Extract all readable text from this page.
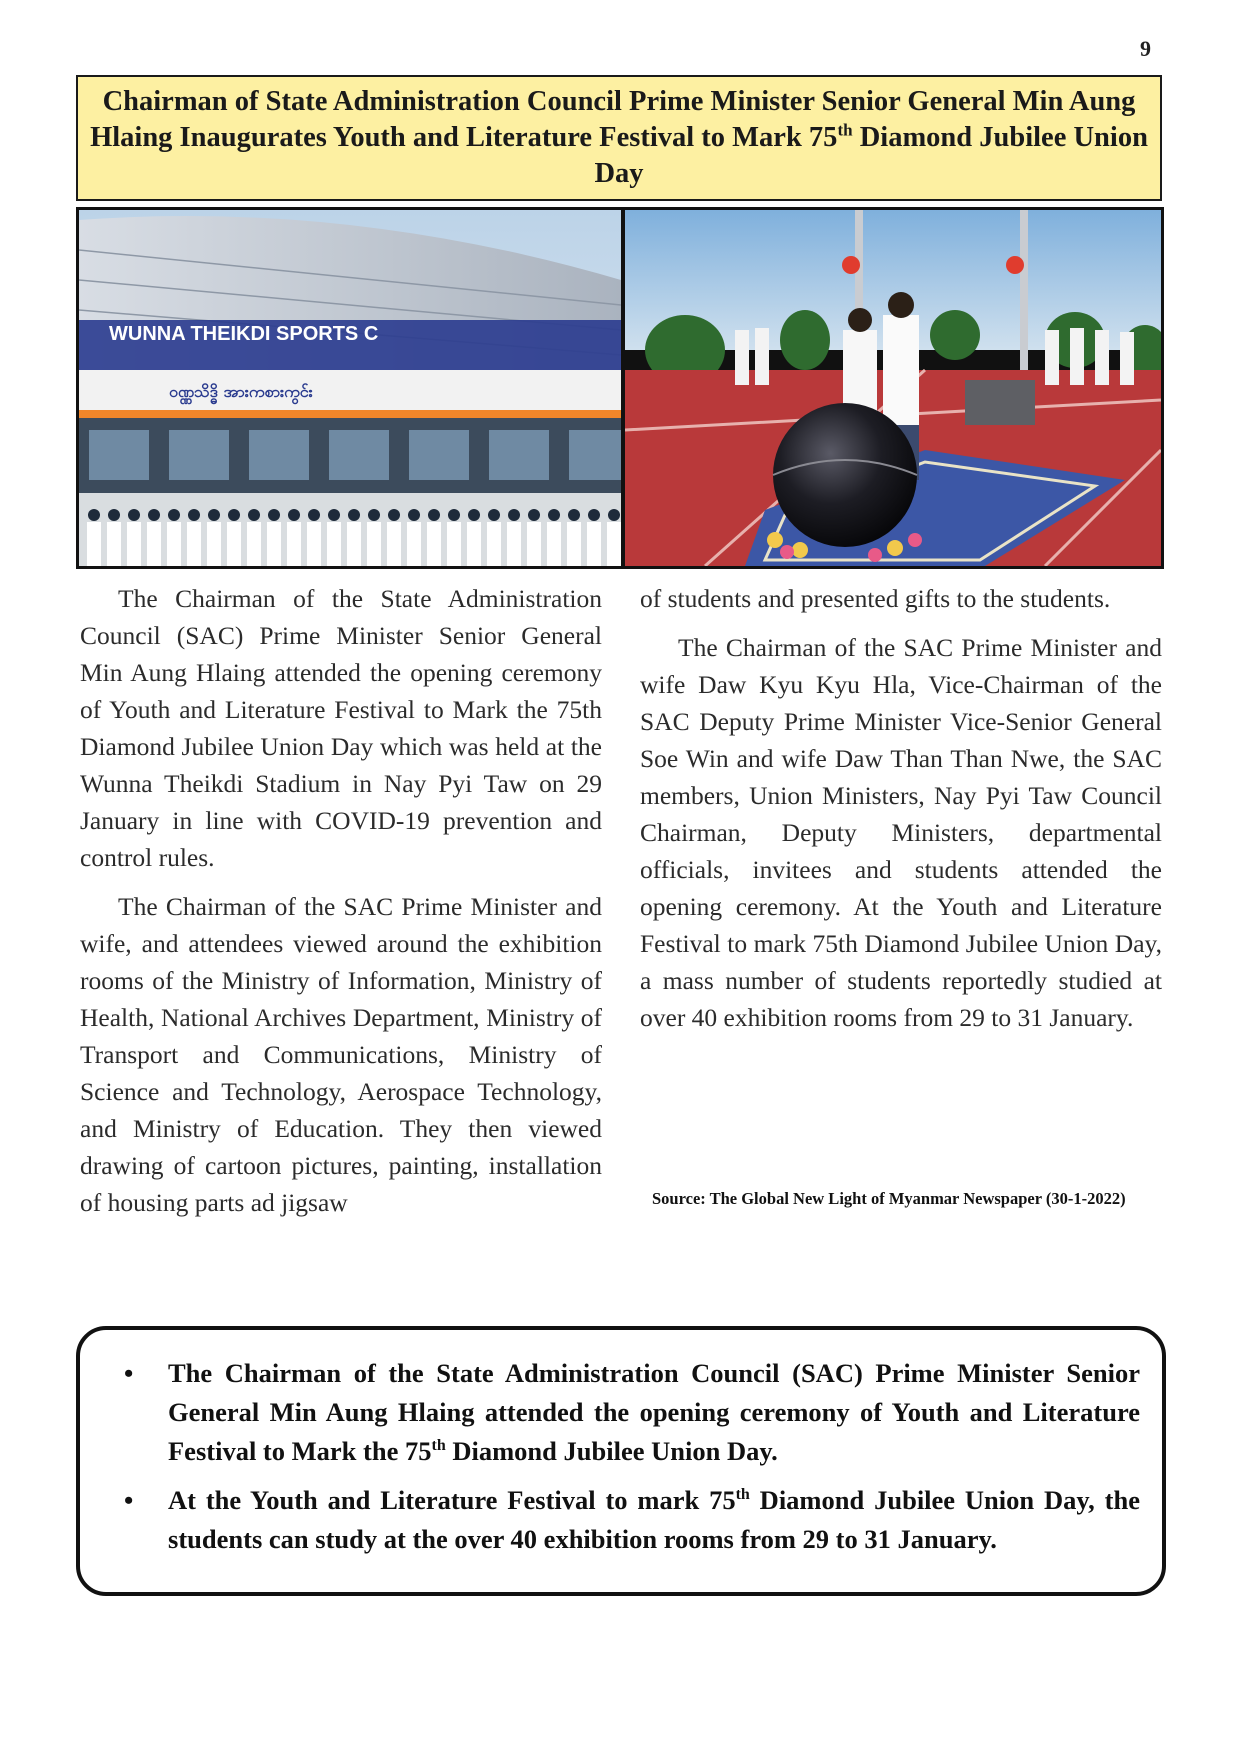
9
Chairman of State Administration Council Prime Minister Senior General Min Aung Hlaing Inaugurates Youth and Literature Festival to Mark 75th Diamond Jubilee Union Day
WUNNA THEIKDI SPORTS C
ဝဏ္ဏသိဒ္ဓိ အားကစားကွင်း

The Chairman of the State Administration Council (SAC) Prime Minister Senior General Min Aung Hlaing attended the opening ceremony of Youth and Literature Festival to Mark the 75th Diamond Jubilee Union Day which was held at the Wunna Theikdi Stadium in Nay Pyi Taw on 29 January in line with COVID-19 prevention and control rules.

The Chairman of the SAC Prime Minister and wife, and attendees viewed around the exhibition rooms of the Ministry of Information, Ministry of Health, National Archives Department, Ministry of Transport and Communications, Ministry of Science and Technology, Aerospace Technology, and Ministry of Education. They then viewed drawing of cartoon pictures, painting, installation of housing parts ad jigsaw

of students and presented gifts to the students.

The Chairman of the SAC Prime Minister and wife Daw Kyu Kyu Hla, Vice-Chairman of the SAC Deputy Prime Minister Vice-Senior General Soe Win and wife Daw Than Than Nwe, the SAC members, Union Ministers, Nay Pyi Taw Council Chairman, Deputy Ministers, departmental officials, invitees and students attended the opening ceremony. At the Youth and Literature Festival to mark 75th Diamond Jubilee Union Day, a mass number of students reportedly studied at over 40 exhibition rooms from 29 to 31 January.

Source: The Global New Light of Myanmar Newspaper (30-1-2022)
• The Chairman of the State Administration Council (SAC) Prime Minister Senior General Min Aung Hlaing attended the opening ceremony of Youth and Literature Festival to Mark the 75th Diamond Jubilee Union Day.
• At the Youth and Literature Festival to mark 75th Diamond Jubilee Union Day, the students can study at the over 40 exhibition rooms from 29 to 31 January.
